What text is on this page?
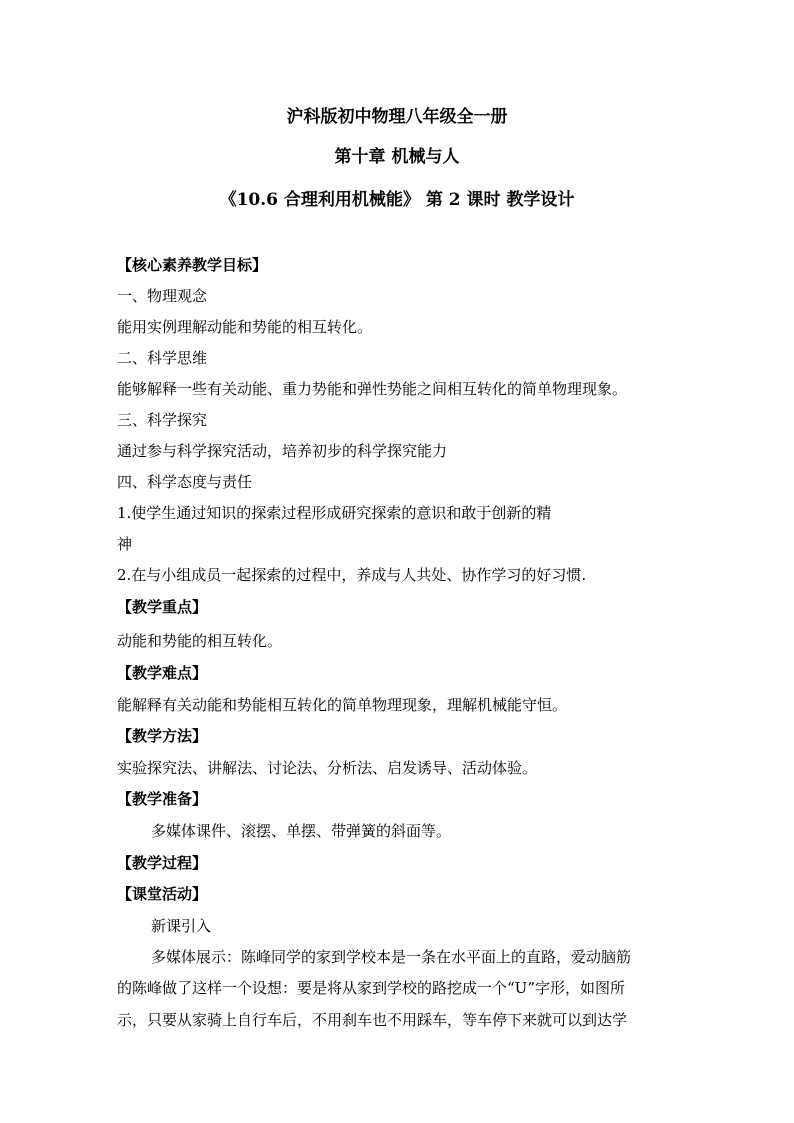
沪科版初中物理八年级全一册
第十章 机械与人
《10.6 合理利用机械能》 第 2 课时 教学设计
【核心素养教学目标】
一、物理观念
能用实例理解动能和势能的相互转化。
二、科学思维
能够解释一些有关动能、重力势能和弹性势能之间相互转化的简单物理现象。
三、科学探究
通过参与科学探究活动，培养初步的科学探究能力
四、科学态度与责任
1.使学生通过知识的探索过程形成研究探索的意识和敢于创新的精
神
2.在与小组成员一起探索的过程中，养成与人共处、协作学习的好习惯.
【教学重点】
动能和势能的相互转化。
【教学难点】
能解释有关动能和势能相互转化的简单物理现象，理解机械能守恒。
【教学方法】
实验探究法、讲解法、讨论法、分析法、启发诱导、活动体验。
【教学准备】
多媒体课件、滚摆、单摆、带弹簧的斜面等。
【教学过程】
【课堂活动】
新课引入
多媒体展示：陈峰同学的家到学校本是一条在水平面上的直路，爱动脑筋
的陈峰做了这样一个设想：要是将从家到学校的路挖成一个“U”字形，如图所
示，只要从家骑上自行车后，不用刹车也不用踩车，等车停下来就可以到达学
